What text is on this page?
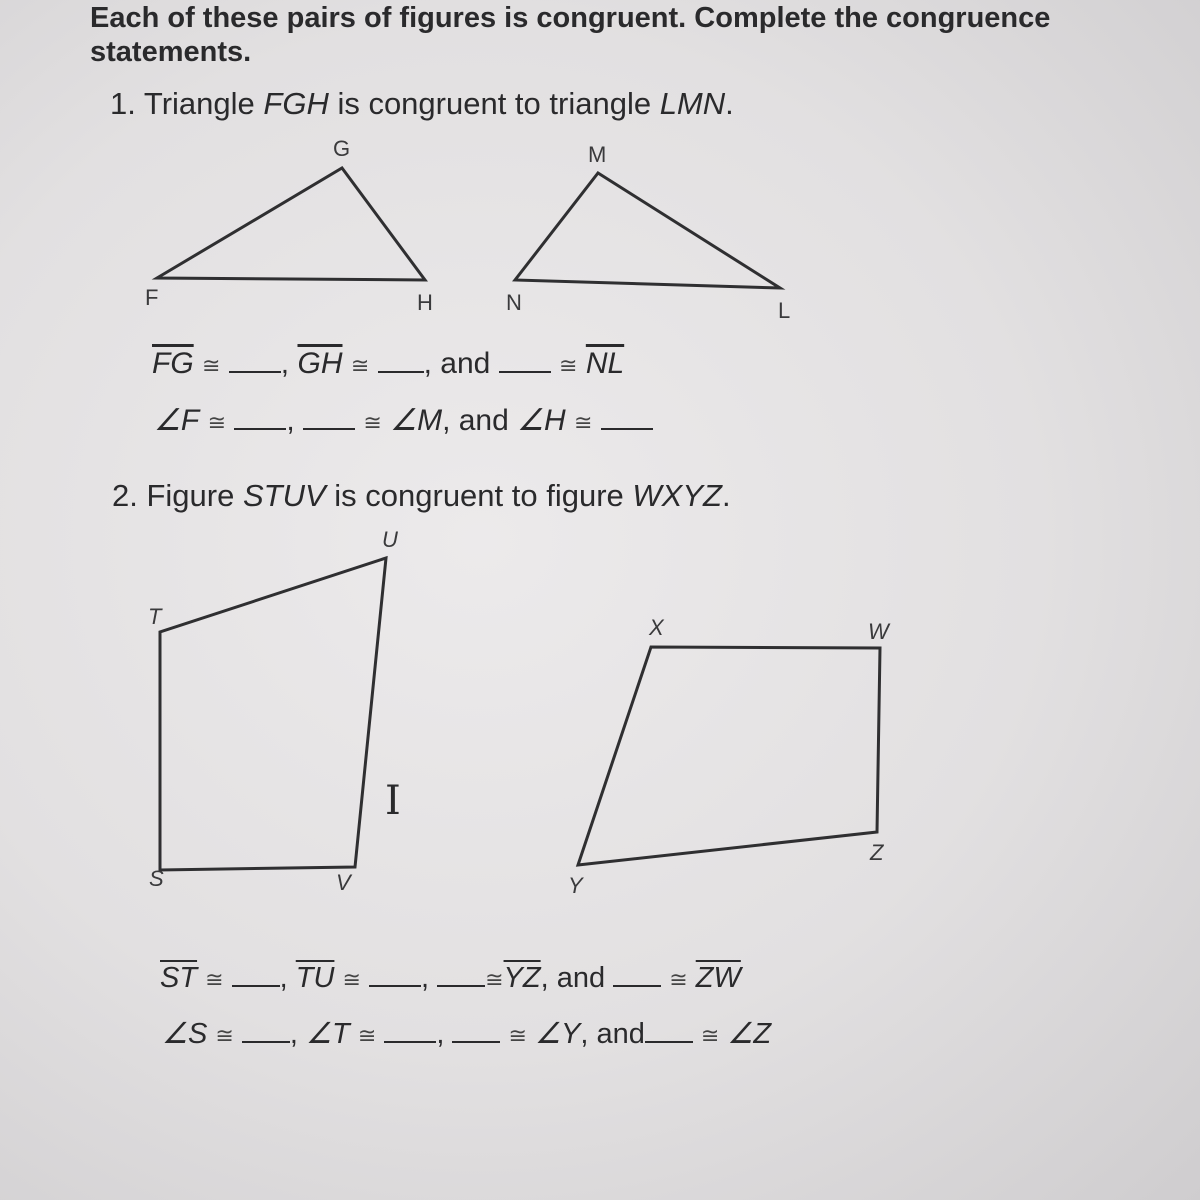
Each of these pairs of figures is congruent. Complete the congruence
statements.
1. Triangle FGH is congruent to triangle LMN.
G
F	H
M
N	L
$\overline{FG}$ ≅ , $\overline{GH}$ ≅ , and	≅ $\overline{NL}$
∠F ≅ ,	≅ ∠M, and ∠H ≅
2. Figure STUV is congruent to figure WXYZ.
U
T
S	V
X	W
Y
Z
I
$\overline{ST}$ ≅ , $\overline{TU}$ ≅ ,	$≅\overline{YZ}$, and	≅ $\overline{ZW}$
∠S ≅ , ∠T ≅ ,	≅ ∠Y, and	≅ ∠Z
